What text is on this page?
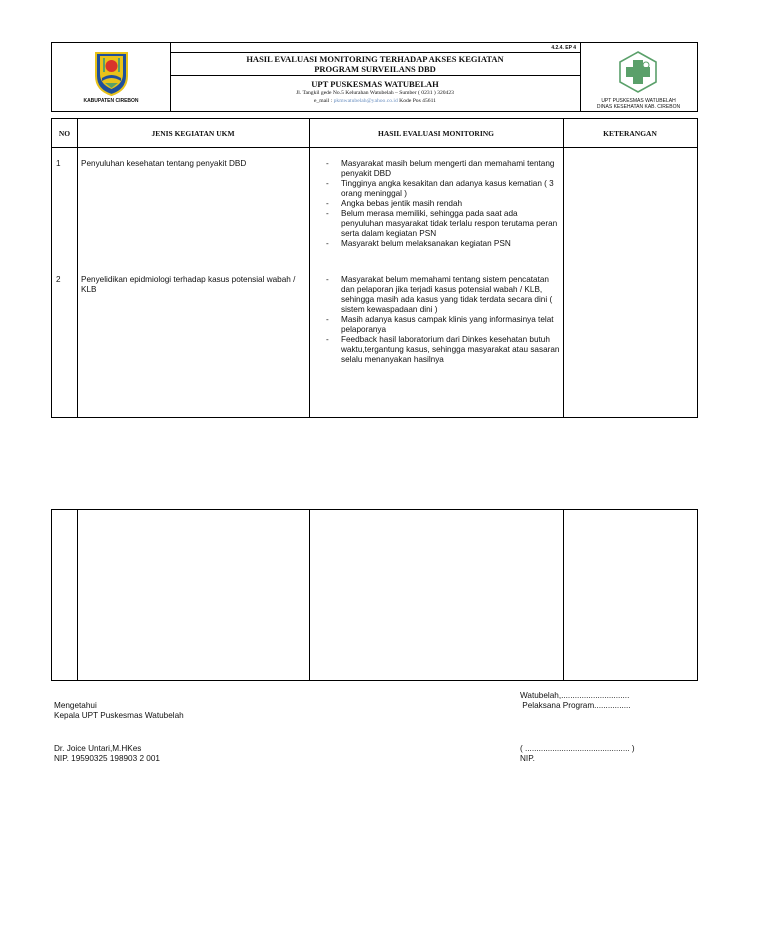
KABUPATEN CIREBON
4.2.4. EP 4
HASIL EVALUASI MONITORING TERHADAP AKSES KEGIATAN
PROGRAM SURVEILANS DBD
UPT PUSKESMAS WATUBELAH
Jl. Tangkil gede No.5 Kelurahan Watubelah – Sumber ( 0231 ) 320423
e_mail : pkmwatubelah@yahoo.co.id Kode Pos 45611	UPT PUSKESMAS WATUBELAH
DINAS KESEHATAN KAB. CIREBON
NO	JENIS KEGIATAN UKM	HASIL EVALUASI MONITORING	KETERANGAN
1 Penyuluhan kesehatan tentang penyakit DBD
-	Masyarakat masih belum mengerti dan memahami tentang penyakit DBD
- Tingginya angka kesakitan dan adanya kasus kematian ( 3 orang meninggal )
- Angka bebas jentik masih rendah
- Belum merasa memiliki, sehingga pada saat ada penyuluhan masyarakat tidak terlalu respon terutama peran serta dalam kegiatan PSN
- Masyarakt belum melaksanakan kegiatan PSN
2 Penyelidikan epidmiologi terhadap kasus potensial wabah / KLB
- Masyarakat belum memahami tentang sistem pencatatan dan pelaporan jika terjadi kasus potensial wabah / KLB, sehingga masih ada kasus yang tidak terdata secara dini ( sistem kewaspadaan dini )
- Masih adanya kasus campak klinis yang informasinya telat pelaporanya
- Feedback hasil laboratorium dari Dinkes kesehatan butuh waktu,tergantung kasus, sehingga masyarakat atau sasaran selalu menanyakan hasilnya
Mengetahui
Kepala UPT Puskesmas Watubelah
Dr. Joice Untari,M.HKes
NIP. 19590325 198903 2 001
Watubelah,..............................
Pelaksana Program................
( .............................................. )
NIP.
